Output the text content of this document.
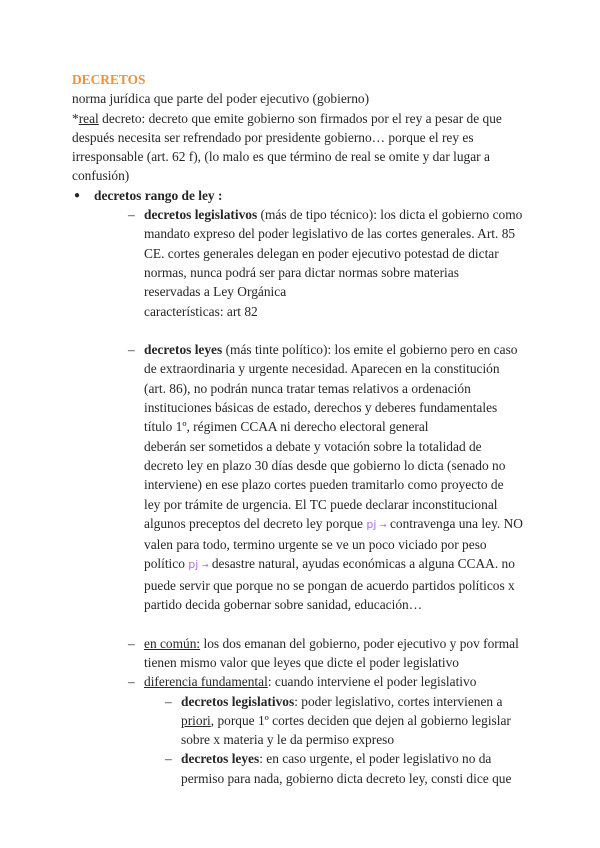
DECRETOS
norma jurídica que parte del poder ejecutivo (gobierno)
*real decreto: decreto que emite gobierno son firmados por el rey a pesar de que
después necesita ser refrendado por presidente gobierno… porque el rey es
irresponsable (art. 62 f), (lo malo es que término de real se omite y dar lugar a
confusión)
●	decretos rango de ley :
– decretos legislativos (más de tipo técnico): los dicta el gobierno como
mandato expreso del poder legislativo de las cortes generales. Art. 85
CE. cortes generales delegan en poder ejecutivo potestad de dictar
normas, nunca podrá ser para dictar normas sobre materias
reservadas a Ley Orgánica
características: art 82
– decretos leyes (más tinte político): los emite el gobierno pero en caso
de extraordinaria y urgente necesidad. Aparecen en la constitución
(art. 86), no podrán nunca tratar temas relativos a ordenación
instituciones básicas de estado, derechos y deberes fundamentales
título 1º, régimen CCAA ni derecho electoral general
deberán ser sometidos a debate y votación sobre la totalidad de
decreto ley en plazo 30 días desde que gobierno lo dicta (senado no
interviene) en ese plazo cortes pueden tramitarlo como proyecto de
ley por trámite de urgencia. El TC puede declarar inconstitucional
algunos preceptos del decreto ley porque pj → contravenga una ley. NO
valen para todo, termino urgente se ve un poco viciado por peso
político pj → desastre natural, ayudas económicas a alguna CCAA. no
puede servir que porque no se pongan de acuerdo partidos políticos x
partido decida gobernar sobre sanidad, educación…
– en común: los dos emanan del gobierno, poder ejecutivo y pov formal
tienen mismo valor que leyes que dicte el poder legislativo
– diferencia fundamental: cuando interviene el poder legislativo
– decretos legislativos: poder legislativo, cortes intervienen a
priori, porque 1º cortes deciden que dejen al gobierno legislar
sobre x materia y le da permiso expreso
– decretos leyes: en caso urgente, el poder legislativo no da
permiso para nada, gobierno dicta decreto ley, consti dice que
